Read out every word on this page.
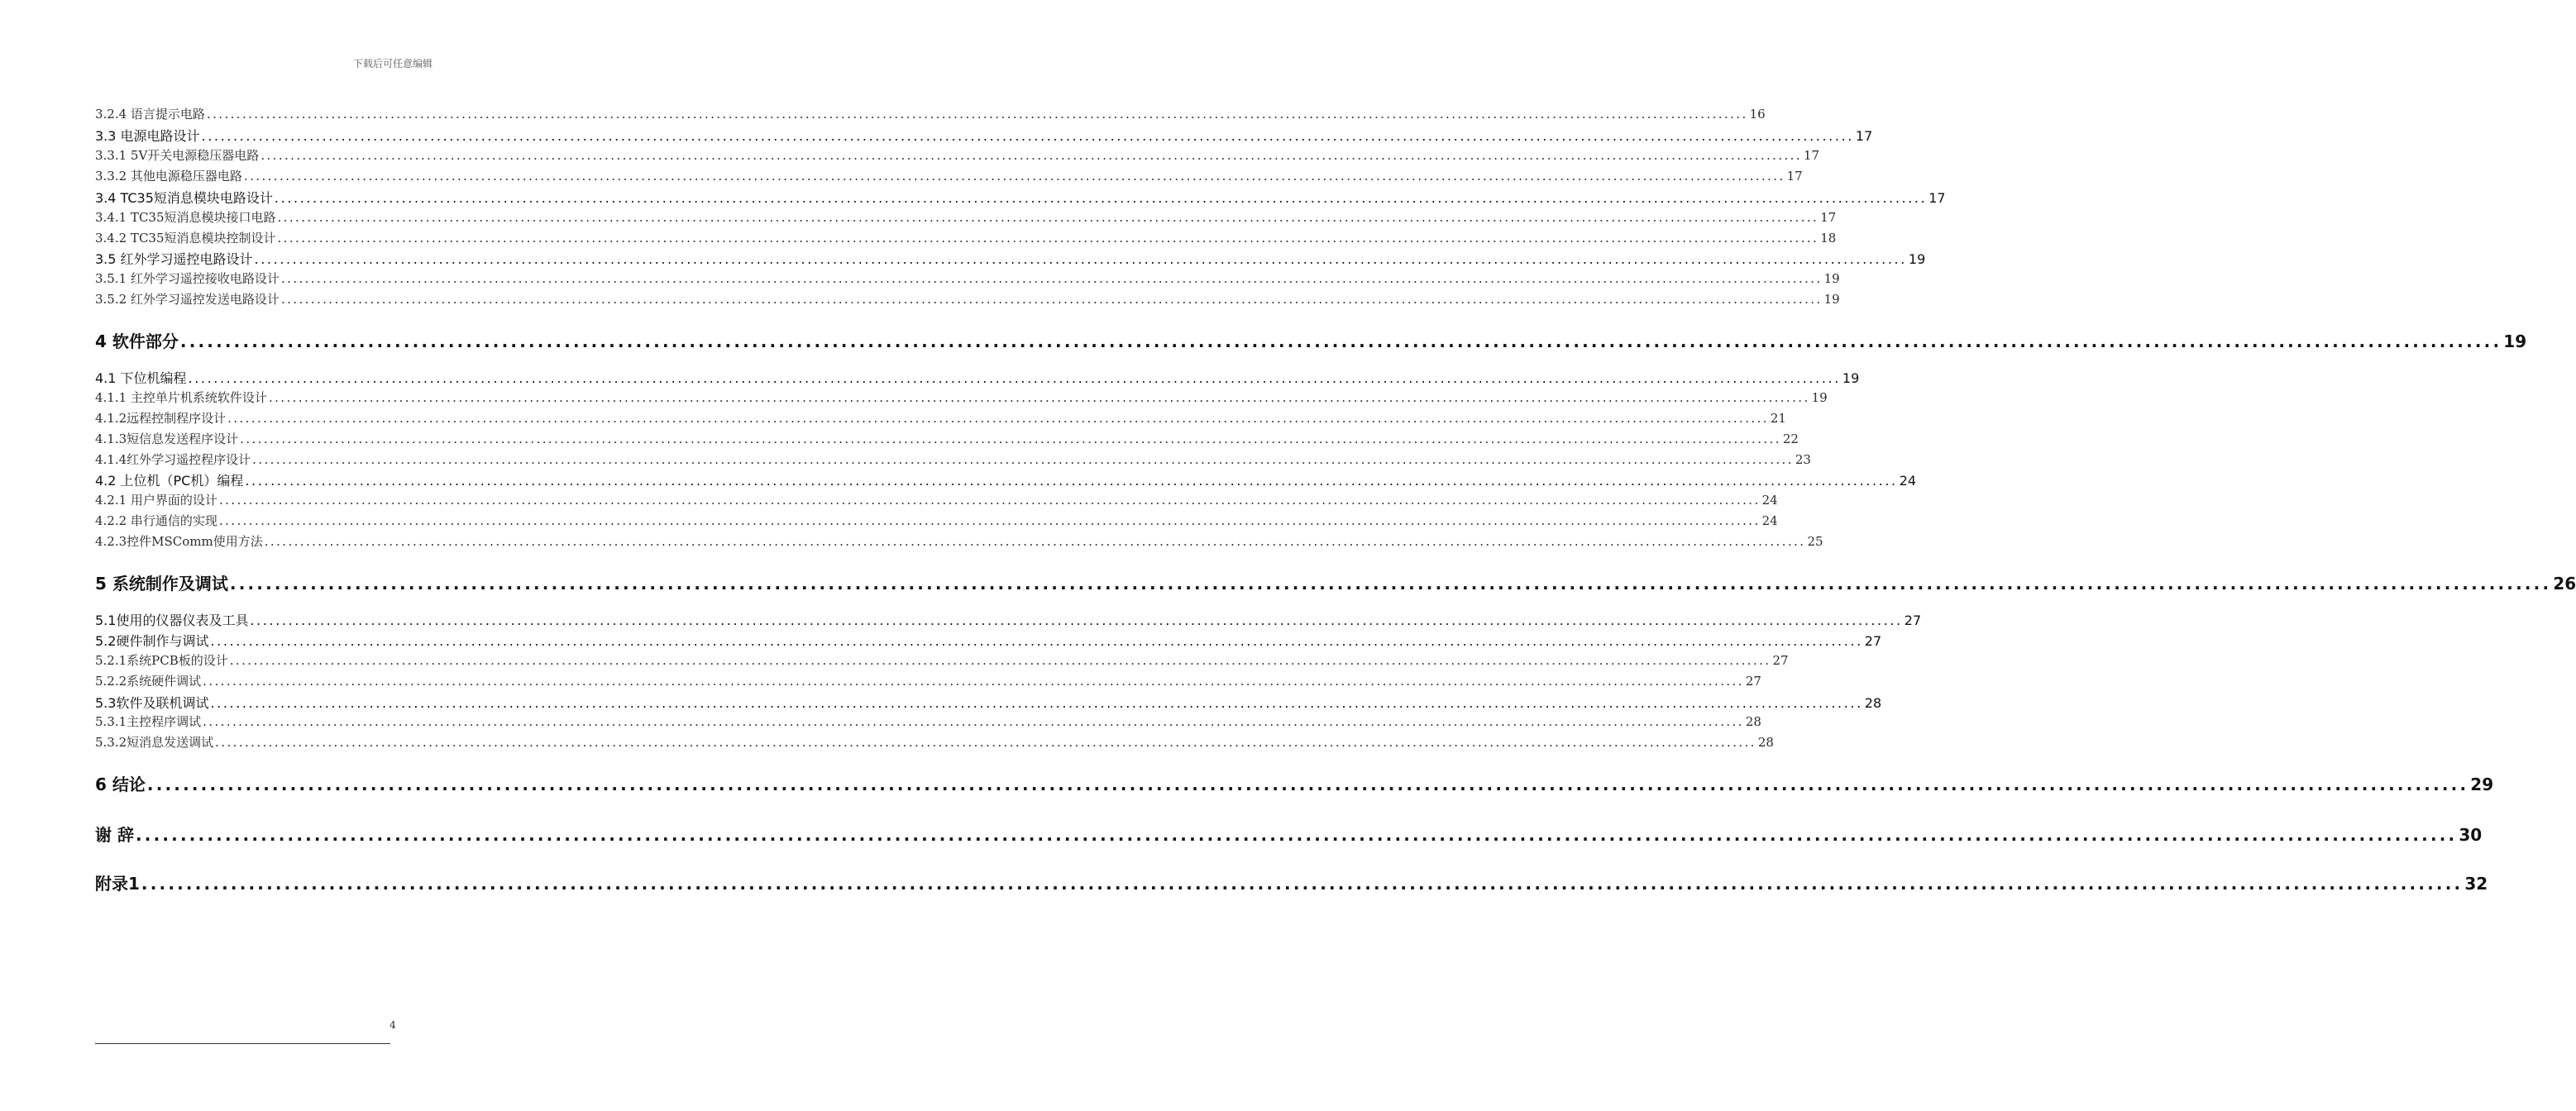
下载后可任意编辑
3.2.4 语言提示电路 .................................................................................................................................................................................................................................................................... 16
3.3 电源电路设计 .................................................................................................................................................................................................................................................................... 17
3.3.1 5V开关电源稳压器电路 .................................................................................................................................................................................................................................................................... 17
3.3.2 其他电源稳压器电路 .................................................................................................................................................................................................................................................................... 17
3.4 TC35短消息模块电路设计 .................................................................................................................................................................................................................................................................... 17
3.4.1 TC35短消息模块接口电路 .................................................................................................................................................................................................................................................................... 17
3.4.2 TC35短消息模块控制设计 .................................................................................................................................................................................................................................................................... 18
3.5 红外学习遥控电路设计 .................................................................................................................................................................................................................................................................... 19
3.5.1 红外学习遥控接收电路设计 .................................................................................................................................................................................................................................................................... 19
3.5.2 红外学习遥控发送电路设计 .................................................................................................................................................................................................................................................................... 19
4 软件部分 .................................................................................................................................................................................................................................................................... 19
4.1 下位机编程 .................................................................................................................................................................................................................................................................... 19
4.1.1 主控单片机系统软件设计 .................................................................................................................................................................................................................................................................... 19
4.1.2远程控制程序设计 .................................................................................................................................................................................................................................................................... 21
4.1.3短信息发送程序设计 .................................................................................................................................................................................................................................................................... 22
4.1.4红外学习遥控程序设计 .................................................................................................................................................................................................................................................................... 23
4.2 上位机（PC机）编程 .................................................................................................................................................................................................................................................................... 24
4.2.1 用户界面的设计 .................................................................................................................................................................................................................................................................... 24
4.2.2 串行通信的实现 .................................................................................................................................................................................................................................................................... 24
4.2.3控件MSComm使用方法 .................................................................................................................................................................................................................................................................... 25
5 系统制作及调试 .................................................................................................................................................................................................................................................................... 26
5.1使用的仪器仪表及工具 .................................................................................................................................................................................................................................................................... 27
5.2硬件制作与调试 .................................................................................................................................................................................................................................................................... 27
5.2.1系统PCB板的设计 .................................................................................................................................................................................................................................................................... 27
5.2.2系统硬件调试 .................................................................................................................................................................................................................................................................... 27
5.3软件及联机调试 .................................................................................................................................................................................................................................................................... 28
5.3.1主控程序调试 .................................................................................................................................................................................................................................................................... 28
5.3.2短消息发送调试 .................................................................................................................................................................................................................................................................... 28
6 结论 .................................................................................................................................................................................................................................................................... 29
谢 辞 .................................................................................................................................................................................................................................................................... 30
附录1 .................................................................................................................................................................................................................................................................... 32
4
